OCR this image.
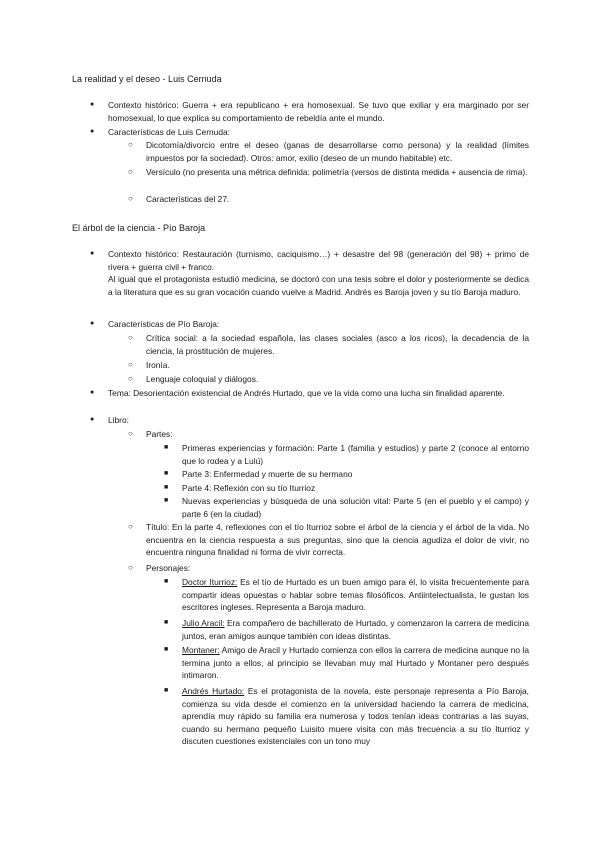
La realidad y el deseo - Luis Cernuda
●

Contexto histórico: Guerra + era republicano + era homosexual. Se tuvo que exiliar y era marginado por ser homosexual, lo que explica su comportamiento de rebeldía ante el mundo.

●
Características de Luis Cernuda:
○
Dicotomía/divorcio entre el deseo (ganas de desarrollarse como persona) y la realidad (límites impuestos por la sociedad). Otros: amor, exilio (deseo de un mundo habitable) etc.
○
Versículo (no presenta una métrica definida: polimetría (versos de distinta medida + ausencia de rima).
○
Características del 27.
El árbol de la ciencia - Pío Baroja
●

Contexto histórico: Restauración (turnismo, caciquismo…) + desastre del 98 (generación del 98) + primo de rivera + guerra civil + franco.

Al igual que el protagonista estudió medicina, se doctoró con una tesis sobre el dolor y posteriormente se dedica a la literatura que es su gran vocación cuando vuelve a Madrid. Andrés es Baroja joven y su tío Baroja maduro.

●
Características de Pío Baroja:
○
Crítica social: a la sociedad española, las clases sociales (asco a los ricos), la decadencia de la ciencia, la prostitución de mujeres.
○
Ironía.
○
Lenguaje coloquial y diálogos.
●
Tema: Desorientación existencial de Andrés Hurtado, que ve la vida como una lucha sin finalidad aparente.
●
Libro:
○
Partes:
■
Primeras experiencias y formación: Parte 1 (familia y estudios) y parte 2 (conoce al entorno que lo rodea y a Lulú)
■
Parte 3: Enfermedad y muerte de su hermano
■
Parte 4: Reflexión con su tío Iturrioz
■
Nuevas experiencias y búsqueda de una solución vital: Parte 5 (en el pueblo y el campo) y parte 6 (en la ciudad)
○
Título: En la parte 4, reflexiones con el tío Iturrioz sobre el árbol de la ciencia y el árbol de la vida. No encuentra en la ciencia respuesta a sus preguntas, sino que la ciencia agudiza el dolor de vivir, no encuentra ninguna finalidad ni forma de vivir correcta.
○
Personajes:
■
Doctor Iturrioz: Es el tío de Hurtado es un buen amigo para él, lo visita frecuentemente para compartir ideas opuestas o hablar sobre temas filosóficos. Antiintelectualista, le gustan los escritores ingleses. Representa a Baroja maduro.
■
Julio Aracil: Era compañero de bachillerato de Hurtado, y comenzaron la carrera de medicina juntos, eran amigos aunque también con ideas distintas.
■
Montaner: Amigo de Aracil y Hurtado comienza con ellos la carrera de medicina aunque no la termina junto a ellos, al principio se llevaban muy mal Hurtado y Montaner pero después intimaron.
■
Andrés Hurtado: Es el protagonista de la novela, este personaje representa a Pío Baroja, comienza su vida desde el comienzo en la universidad haciendo la carrera de medicina, aprendía muy rápido su familia era numerosa y todos tenían ideas contrarias a las suyas, cuando su hermano pequeño Luisito muere visita con más frecuencia a su tío Iturrioz y discuten cuestiones existenciales con un tono muy
